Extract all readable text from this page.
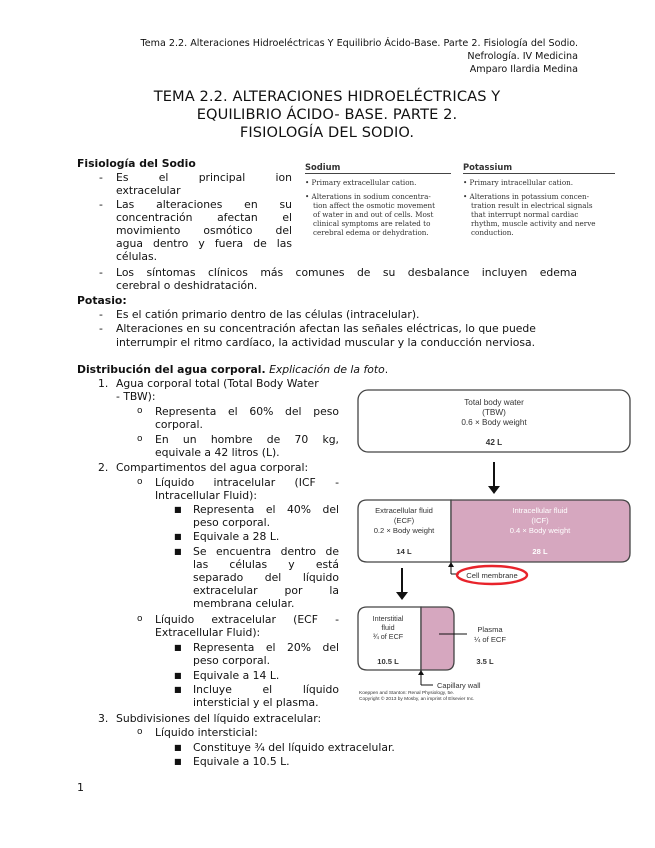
Tema 2.2. Alteraciones Hidroeléctricas Y Equilibrio Ácido-Base. Parte 2. Fisiología del Sodio.
Nefrología. IV Medicina
Amparo Ilardia Medina
TEMA 2.2. ALTERACIONES HIDROELÉCTRICAS Y
EQUILIBRIO ÁCIDO- BASE. PARTE 2.
FISIOLOGÍA DEL SODIO.
Fisiología del Sodio
- Es el principal ion
extracelular
- Las alteraciones en su
concentración afectan el
movimiento osmótico del
agua dentro y fuera de las
células.
- Los síntomas clínicos más comunes de su desbalance incluyen edema
cerebral o deshidratación.
Sodium	Potassium
• Primary extracellular cation.
• Alterations in sodium concentra-
tion affect the osmotic movement
of water in and out of cells. Most
clinical symptoms are related to
cerebral edema or dehydration.
• Primary intracellular cation.
• Alterations in potassium concen-
tration result in electrical signals
that interrupt normal cardiac
rhythm, muscle activity and nerve
conduction.
Potasio:
- Es el catión primario dentro de las células (intracelular).
- Alteraciones en su concentración afectan las señales eléctricas, lo que puede
interrumpir el ritmo cardíaco, la actividad muscular y la conducción nerviosa.
Distribución del agua corporal. Explicación de la foto.
1. Agua corporal total (Total Body Water
- TBW):
o Representa el 60% del peso
corporal.
o En un hombre de 70 kg,
equivale a 42 litros (L).
2. Compartimentos del agua corporal:
o Líquido intracelular (ICF -
Intracellular Fluid):
■ Representa el 40% del
peso corporal.
■ Equivale a 28 L.
■ Se encuentra dentro de
las células y está
separado del líquido
extracelular por la
membrana celular.
o Líquido extracelular (ECF -
Extracellular Fluid):
■ Representa el 20% del
peso corporal.
■ Equivale a 14 L.
■ Incluye el líquido
intersticial y el plasma.
3. Subdivisiones del líquido extracelular:
o Líquido intersticial:
■ Constituye ¾ del líquido extracelular.
■ Equivale a 10.5 L.
Total body water
(TBW)
0.6 × Body weight
42 L
Extracellular fluid
(ECF)
0.2 × Body weight
14 L
Intracellular fluid
(ICF)
0.4 × Body weight
28 L
Cell membrane
Interstitial
fluid
¾ of ECF
10.5 L
Plasma
¼ of ECF
3.5 L
Capillary wall
Koeppen and Stanton: Renal Physiology, 5e.
Copyright © 2013 by Mosby, an imprint of Elsevier Inc.
1
